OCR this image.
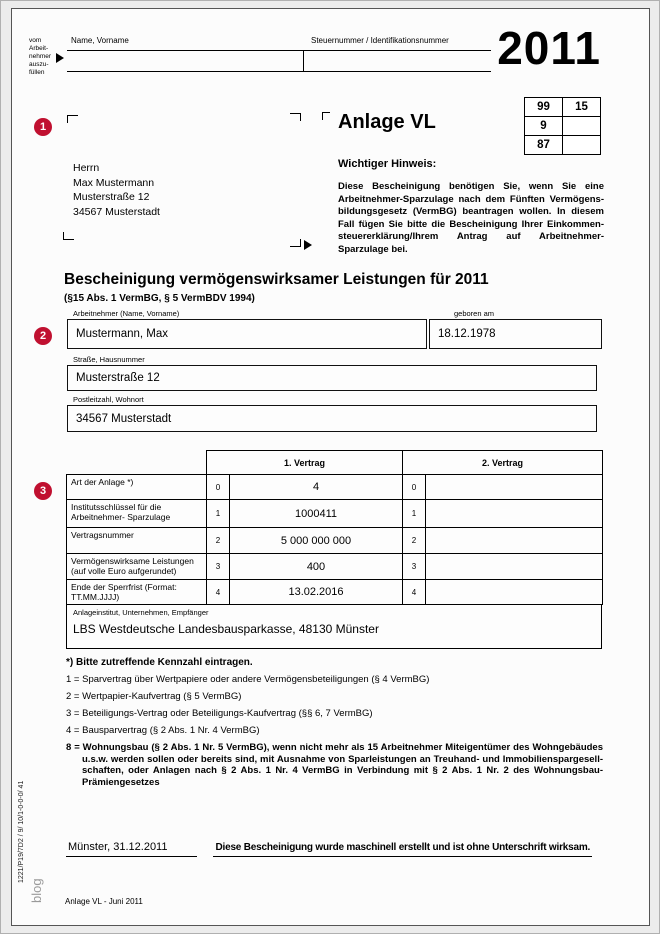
vom
Arbeit-
nehmer
auszu-
füllen
Name, Vorname	Steuernummer / Identifikationsnummer	2011
1
2
3
Herrn
Max Mustermann
Musterstraße 12
34567 Musterstadt
Anlage VL
99	15
9	
87	
Wichtiger Hinweis:
Diese Bescheinigung benötigen Sie, wenn Sie eine Arbeitnehmer-Sparzulage nach dem Fünften Vermögens-bildungsgesetz (VermBG) beantragen wollen. In diesem Fall fügen Sie bitte die Bescheinigung Ihrer Einkommen-steuererklärung/Ihrem Antrag auf Arbeitnehmer-Sparzulage bei.
Bescheinigung vermögenswirksamer Leistungen für 2011
(§15 Abs. 1 VermBG, § 5 VermBDV 1994)
Arbeitnehmer (Name, Vorname)	geboren am
Mustermann, Max	18.12.1978
Straße, Hausnummer
Musterstraße 12
Postleitzahl, Wohnort
34567 Musterstadt
	1. Vertrag		2. Vertrag	
Art der Anlage *)	0	4	0	
Institutsschlüssel für die Arbeitnehmer- Sparzulage	1	1000411	1	
Vertragsnummer	2	5 000 000 000	2	
Vermögenswirksame Leistungen (auf volle Euro aufgerundet)	3	400	3	
Ende der Sperrfrist (Format: TT.MM.JJJJ)	4	13.02.2016	4	
Anlageinstitut, Unternehmen, Empfänger
LBS Westdeutsche Landesbausparkasse, 48130 Münster
*) Bitte zutreffende Kennzahl eintragen.
1 = Sparvertrag über Wertpapiere oder andere Vermögensbeteiligungen (§ 4 VermBG)
2 = Wertpapier-Kaufvertrag (§ 5 VermBG)
3 = Beteiligungs-Vertrag oder Beteiligungs-Kaufvertrag (§§ 6, 7 VermBG)
4 = Bausparvertrag (§ 2 Abs. 1 Nr. 4 VermBG)
8 = Wohnungsbau (§ 2 Abs. 1 Nr. 5 VermBG), wenn nicht mehr als 15 Arbeitnehmer Miteigentümer des Wohngebäudes u.s.w. werden sollen oder bereits sind, mit Ausnahme von Sparleistungen an Treuhand- und Immobilienspargesell-schaften, oder Anlagen nach § 2 Abs. 1 Nr. 4 VermBG in Verbindung mit § 2 Abs. 1 Nr. 2 des Wohnungsbau-Prämiengesetzes
Münster, 31.12.2011	Diese Bescheinigung wurde maschinell erstellt und ist ohne Unterschrift wirksam.
Anlage VL - Juni 2011
1221/P19/7D2 / 9/ 10/1-0-0-0/ 41
blog
